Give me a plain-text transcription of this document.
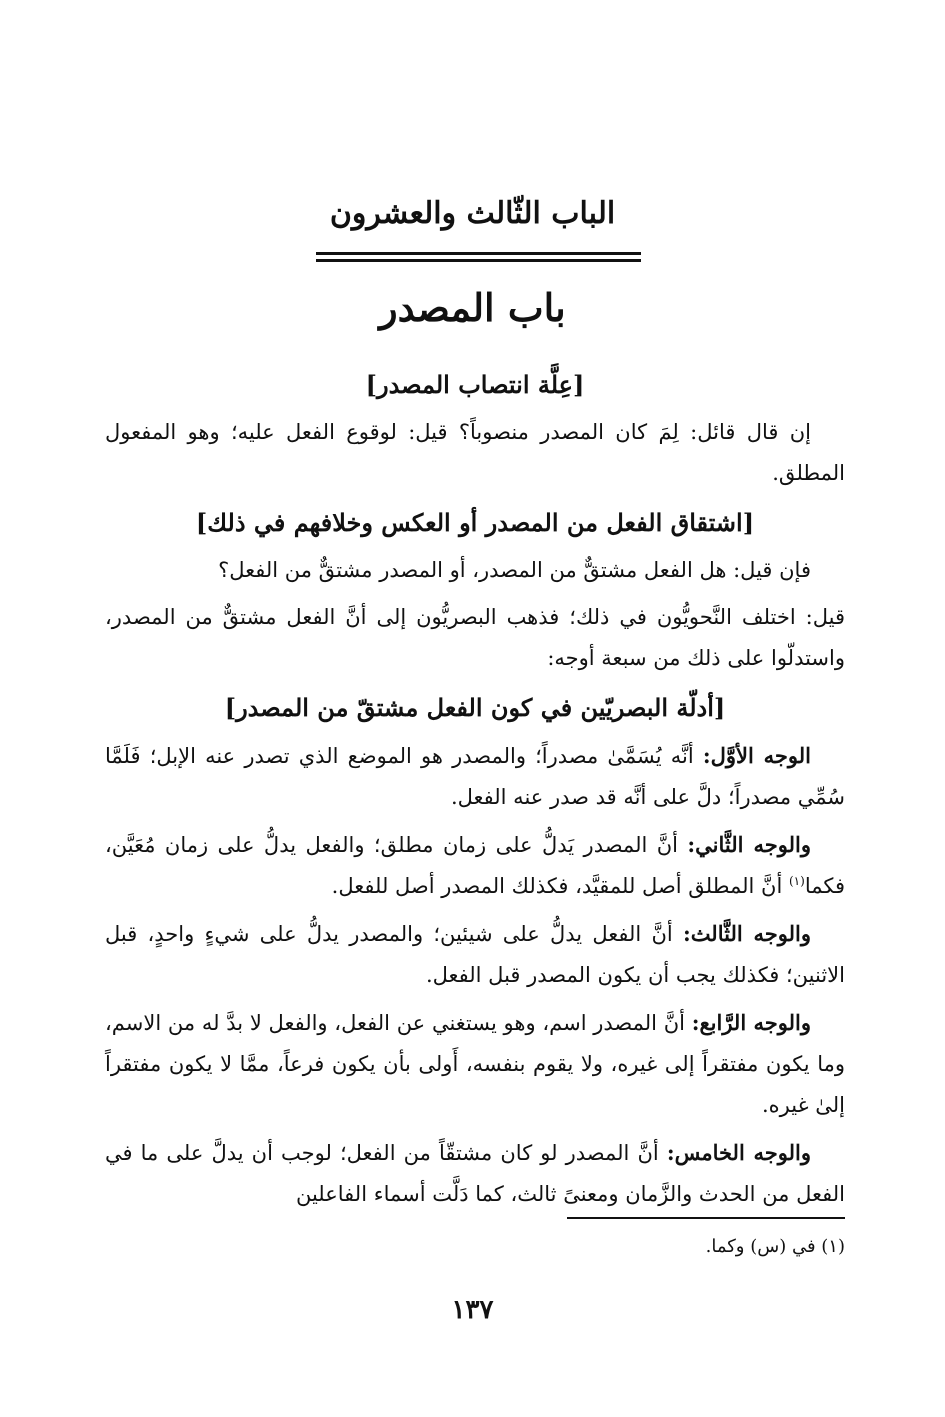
الباب الثّالث والعشرون
باب المصدر
[عِلَّة انتصاب المصدر]

إن قال قائل: لِمَ كان المصدر منصوباً؟ قيل: لوقوع الفعل عليه؛ وهو المفعول المطلق.

[اشتقاق الفعل من المصدر أو العكس وخلافهم في ذلك]

فإن قيل: هل الفعل مشتقٌّ من المصدر، أو المصدر مشتقٌّ من الفعل؟

قيل: اختلف النَّحويُّون في ذلك؛ فذهب البصريُّون إلى أنَّ الفعل مشتقٌّ من المصدر، واستدلّوا على ذلك من سبعة أوجه:

[أدلّة البصريّين في كون الفعل مشتقّ من المصدر]

الوجه الأوَّل: أنَّه يُسَمَّىٰ مصدراً؛ والمصدر هو الموضع الذي تصدر عنه الإبل؛ فَلَمَّا سُمِّي مصدراً؛ دلَّ على أنَّه قد صدر عنه الفعل.

والوجه الثَّاني: أنَّ المصدر يَدلُّ على زمان مطلق؛ والفعل يدلُّ على زمان مُعَيَّن، فكما$^{(١)}$ أنَّ المطلق أصل للمقيَّد، فكذلك المصدر أصل للفعل.

والوجه الثَّالث: أنَّ الفعل يدلُّ على شيئين؛ والمصدر يدلُّ على شيءٍ واحدٍ، قبل الاثنين؛ فكذلك يجب أن يكون المصدر قبل الفعل.

والوجه الرَّابع: أنَّ المصدر اسم، وهو يستغني عن الفعل، والفعل لا بدَّ له من الاسم، وما يكون مفتقراً إلى غيره، ولا يقوم بنفسه، أَولى بأن يكون فرعاً، ممَّا لا يكون مفتقراً إلىٰ غيره.

والوجه الخامس: أنَّ المصدر لو كان مشتقّاً من الفعل؛ لوجب أن يدلَّ على ما في الفعل من الحدث والزَّمان ومعنىً ثالث، كما دَلَّت أسماء الفاعلين

(١) في (س) وكما.
١٣٧
